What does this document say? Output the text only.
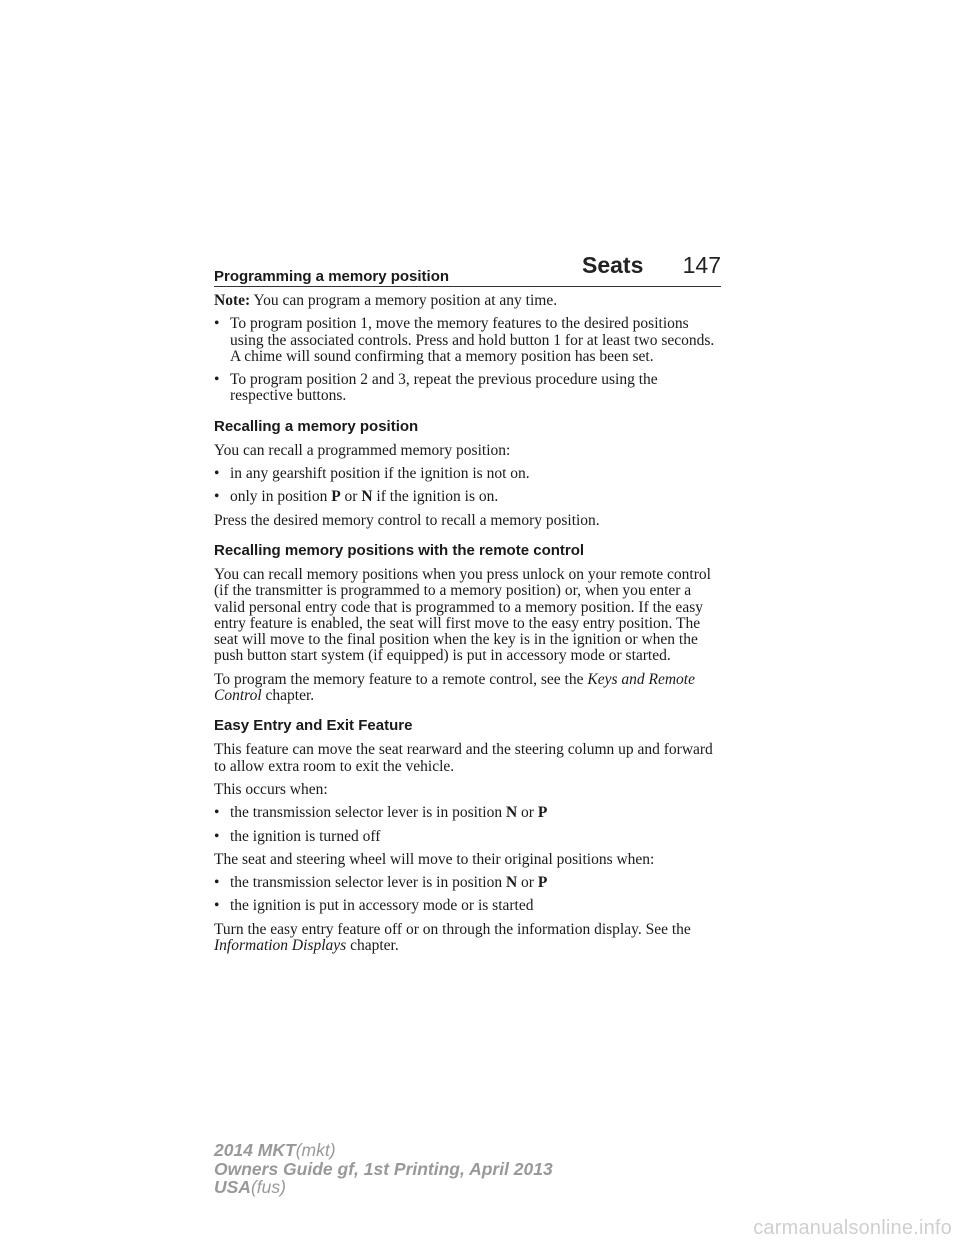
Seats 147
Programming a memory position

Note: You can program a memory position at any time.

• To program position 1, move the memory features to the desired positions using the associated controls. Press and hold button 1 for at least two seconds. A chime will sound confirming that a memory position has been set.
• To program position 2 and 3, repeat the previous procedure using the respective buttons.
Recalling a memory position

You can recall a programmed memory position:

• in any gearshift position if the ignition is not on.
• only in position P or N if the ignition is on.

Press the desired memory control to recall a memory position.

Recalling memory positions with the remote control

You can recall memory positions when you press unlock on your remote control (if the transmitter is programmed to a memory position) or, when you enter a valid personal entry code that is programmed to a memory position. If the easy entry feature is enabled, the seat will first move to the easy entry position. The seat will move to the final position when the key is in the ignition or when the push button start system (if equipped) is put in accessory mode or started.

To program the memory feature to a remote control, see the Keys and Remote Control chapter.

Easy Entry and Exit Feature

This feature can move the seat rearward and the steering column up and forward to allow extra room to exit the vehicle.

This occurs when:

• the transmission selector lever is in position N or P
• the ignition is turned off

The seat and steering wheel will move to their original positions when:

• the transmission selector lever is in position N or P
• the ignition is put in accessory mode or is started

Turn the easy entry feature off or on through the information display. See the Information Displays chapter.

2014 MKT(mkt)
Owners Guide gf, 1st Printing, April 2013
USA(fus)
carmanualsonline.info
